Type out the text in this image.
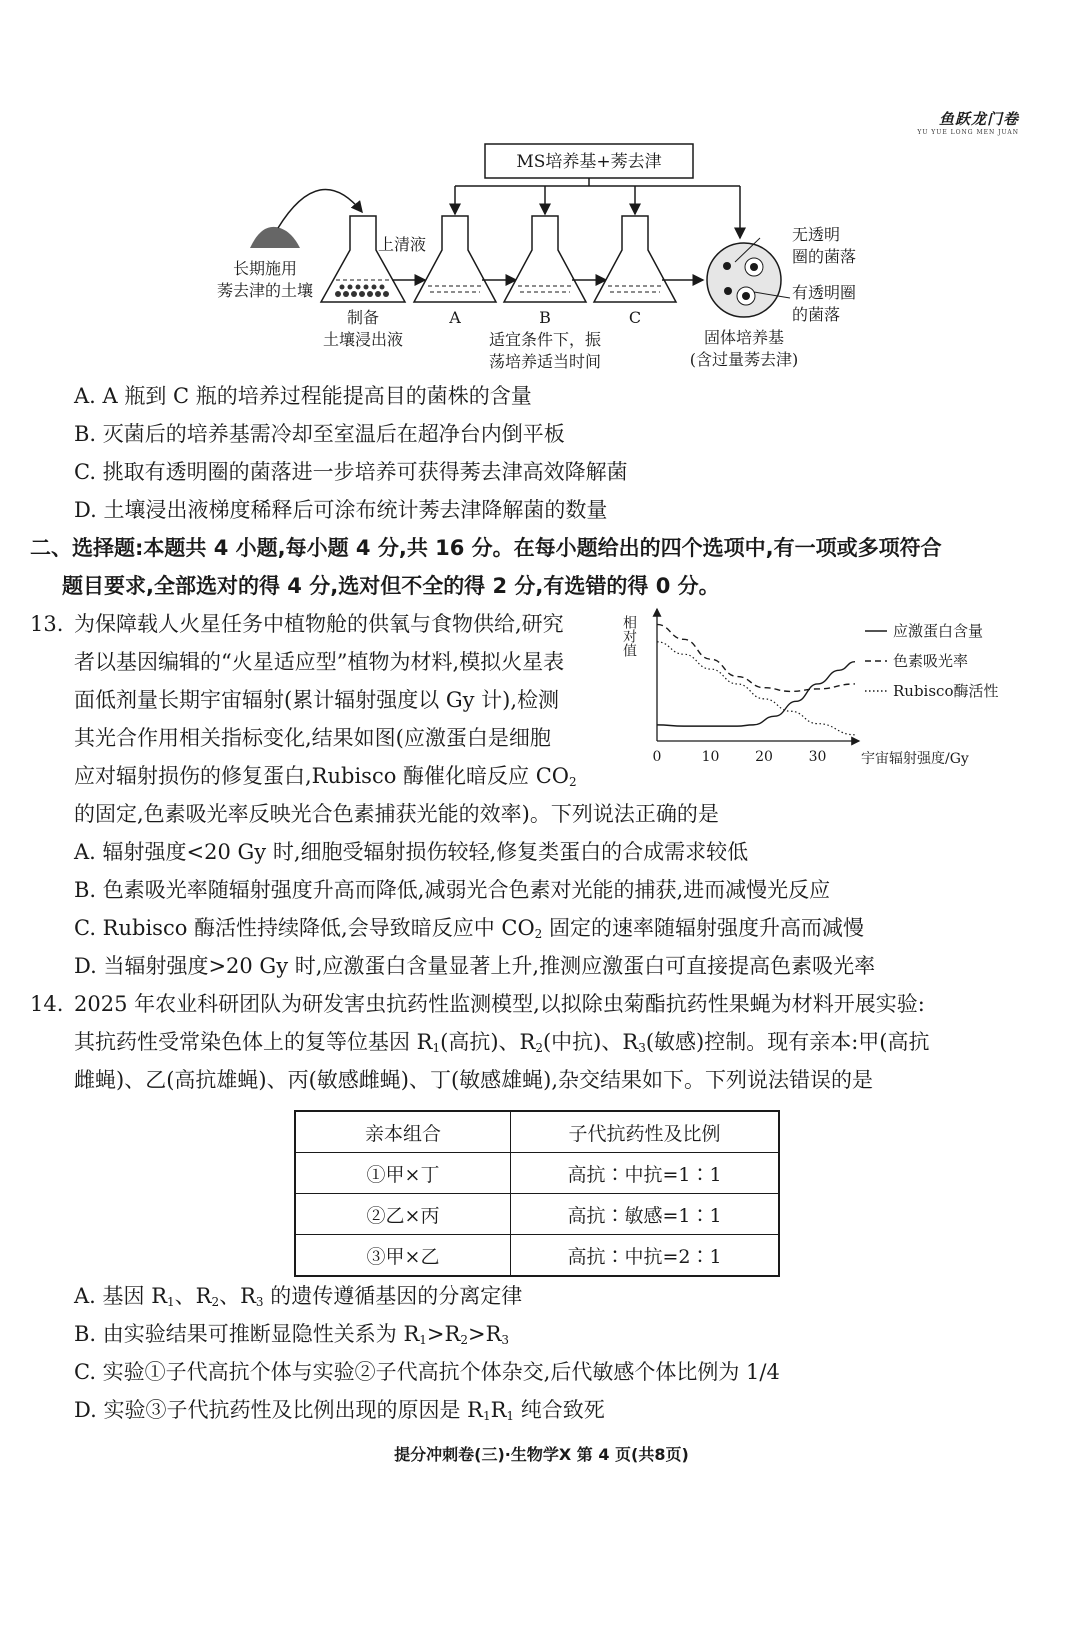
鱼跃龙门卷
YU YUE LONG MEN JUAN
MS培养基+莠去津
长期施用
莠去津的土壤
制备
土壤浸出液
上清液
A	B	C
适宜条件下，振
荡培养适当时间
无透明
圈的菌落
有透明圈
的菌落
固体培养基
(含过量莠去津)
A. A 瓶到 C 瓶的培养过程能提高目的菌株的含量
B. 灭菌后的培养基需冷却至室温后在超净台内倒平板
C. 挑取有透明圈的菌落进一步培养可获得莠去津高效降解菌
D. 土壤浸出液梯度稀释后可涂布统计莠去津降解菌的数量
二、选择题:本题共 4 小题,每小题 4 分,共 16 分。在每小题给出的四个选项中,有一项或多项符合
题目要求,全部选对的得 4 分,选对但不全的得 2 分,有选错的得 0 分。
13. 为保障载人火星任务中植物舱的供氧与食物供给,研究
者以基因编辑的“火星适应型”植物为材料,模拟火星表
面低剂量长期宇宙辐射(累计辐射强度以 Gy 计),检测
其光合作用相关指标变化,结果如图(应激蛋白是细胞
应对辐射损伤的修复蛋白,Rubisco 酶催化暗反应 CO2
的固定,色素吸光率反映光合色素捕获光能的效率)。下列说法正确的是
相对值
0	10	20	30 宇宙辐射强度/Gy
应激蛋白含量
色素吸光率
Rubisco酶活性
A. 辐射强度<20 Gy 时,细胞受辐射损伤较轻,修复类蛋白的合成需求较低
B. 色素吸光率随辐射强度升高而降低,减弱光合色素对光能的捕获,进而减慢光反应
C. Rubisco 酶活性持续降低,会导致暗反应中 CO2 固定的速率随辐射强度升高而减慢
D. 当辐射强度>20 Gy 时,应激蛋白含量显著上升,推测应激蛋白可直接提高色素吸光率
14. 2025 年农业科研团队为研发害虫抗药性监测模型,以拟除虫菊酯抗药性果蝇为材料开展实验:
其抗药性受常染色体上的复等位基因 R1(高抗)、R2(中抗)、R3(敏感)控制。现有亲本:甲(高抗
雌蝇)、乙(高抗雄蝇)、丙(敏感雌蝇)、丁(敏感雄蝇),杂交结果如下。下列说法错误的是
亲本组合	子代抗药性及比例
①甲×丁	高抗∶中抗=1∶1
②乙×丙	高抗∶敏感=1∶1
③甲×乙	高抗∶中抗=2∶1
A. 基因 R1、R2、R3 的遗传遵循基因的分离定律
B. 由实验结果可推断显隐性关系为 R1>R2>R3
C. 实验①子代高抗个体与实验②子代高抗个体杂交,后代敏感个体比例为 1/4
D. 实验③子代抗药性及比例出现的原因是 R1R1 纯合致死
提分冲刺卷(三)·生物学X 第 4 页(共8页)
